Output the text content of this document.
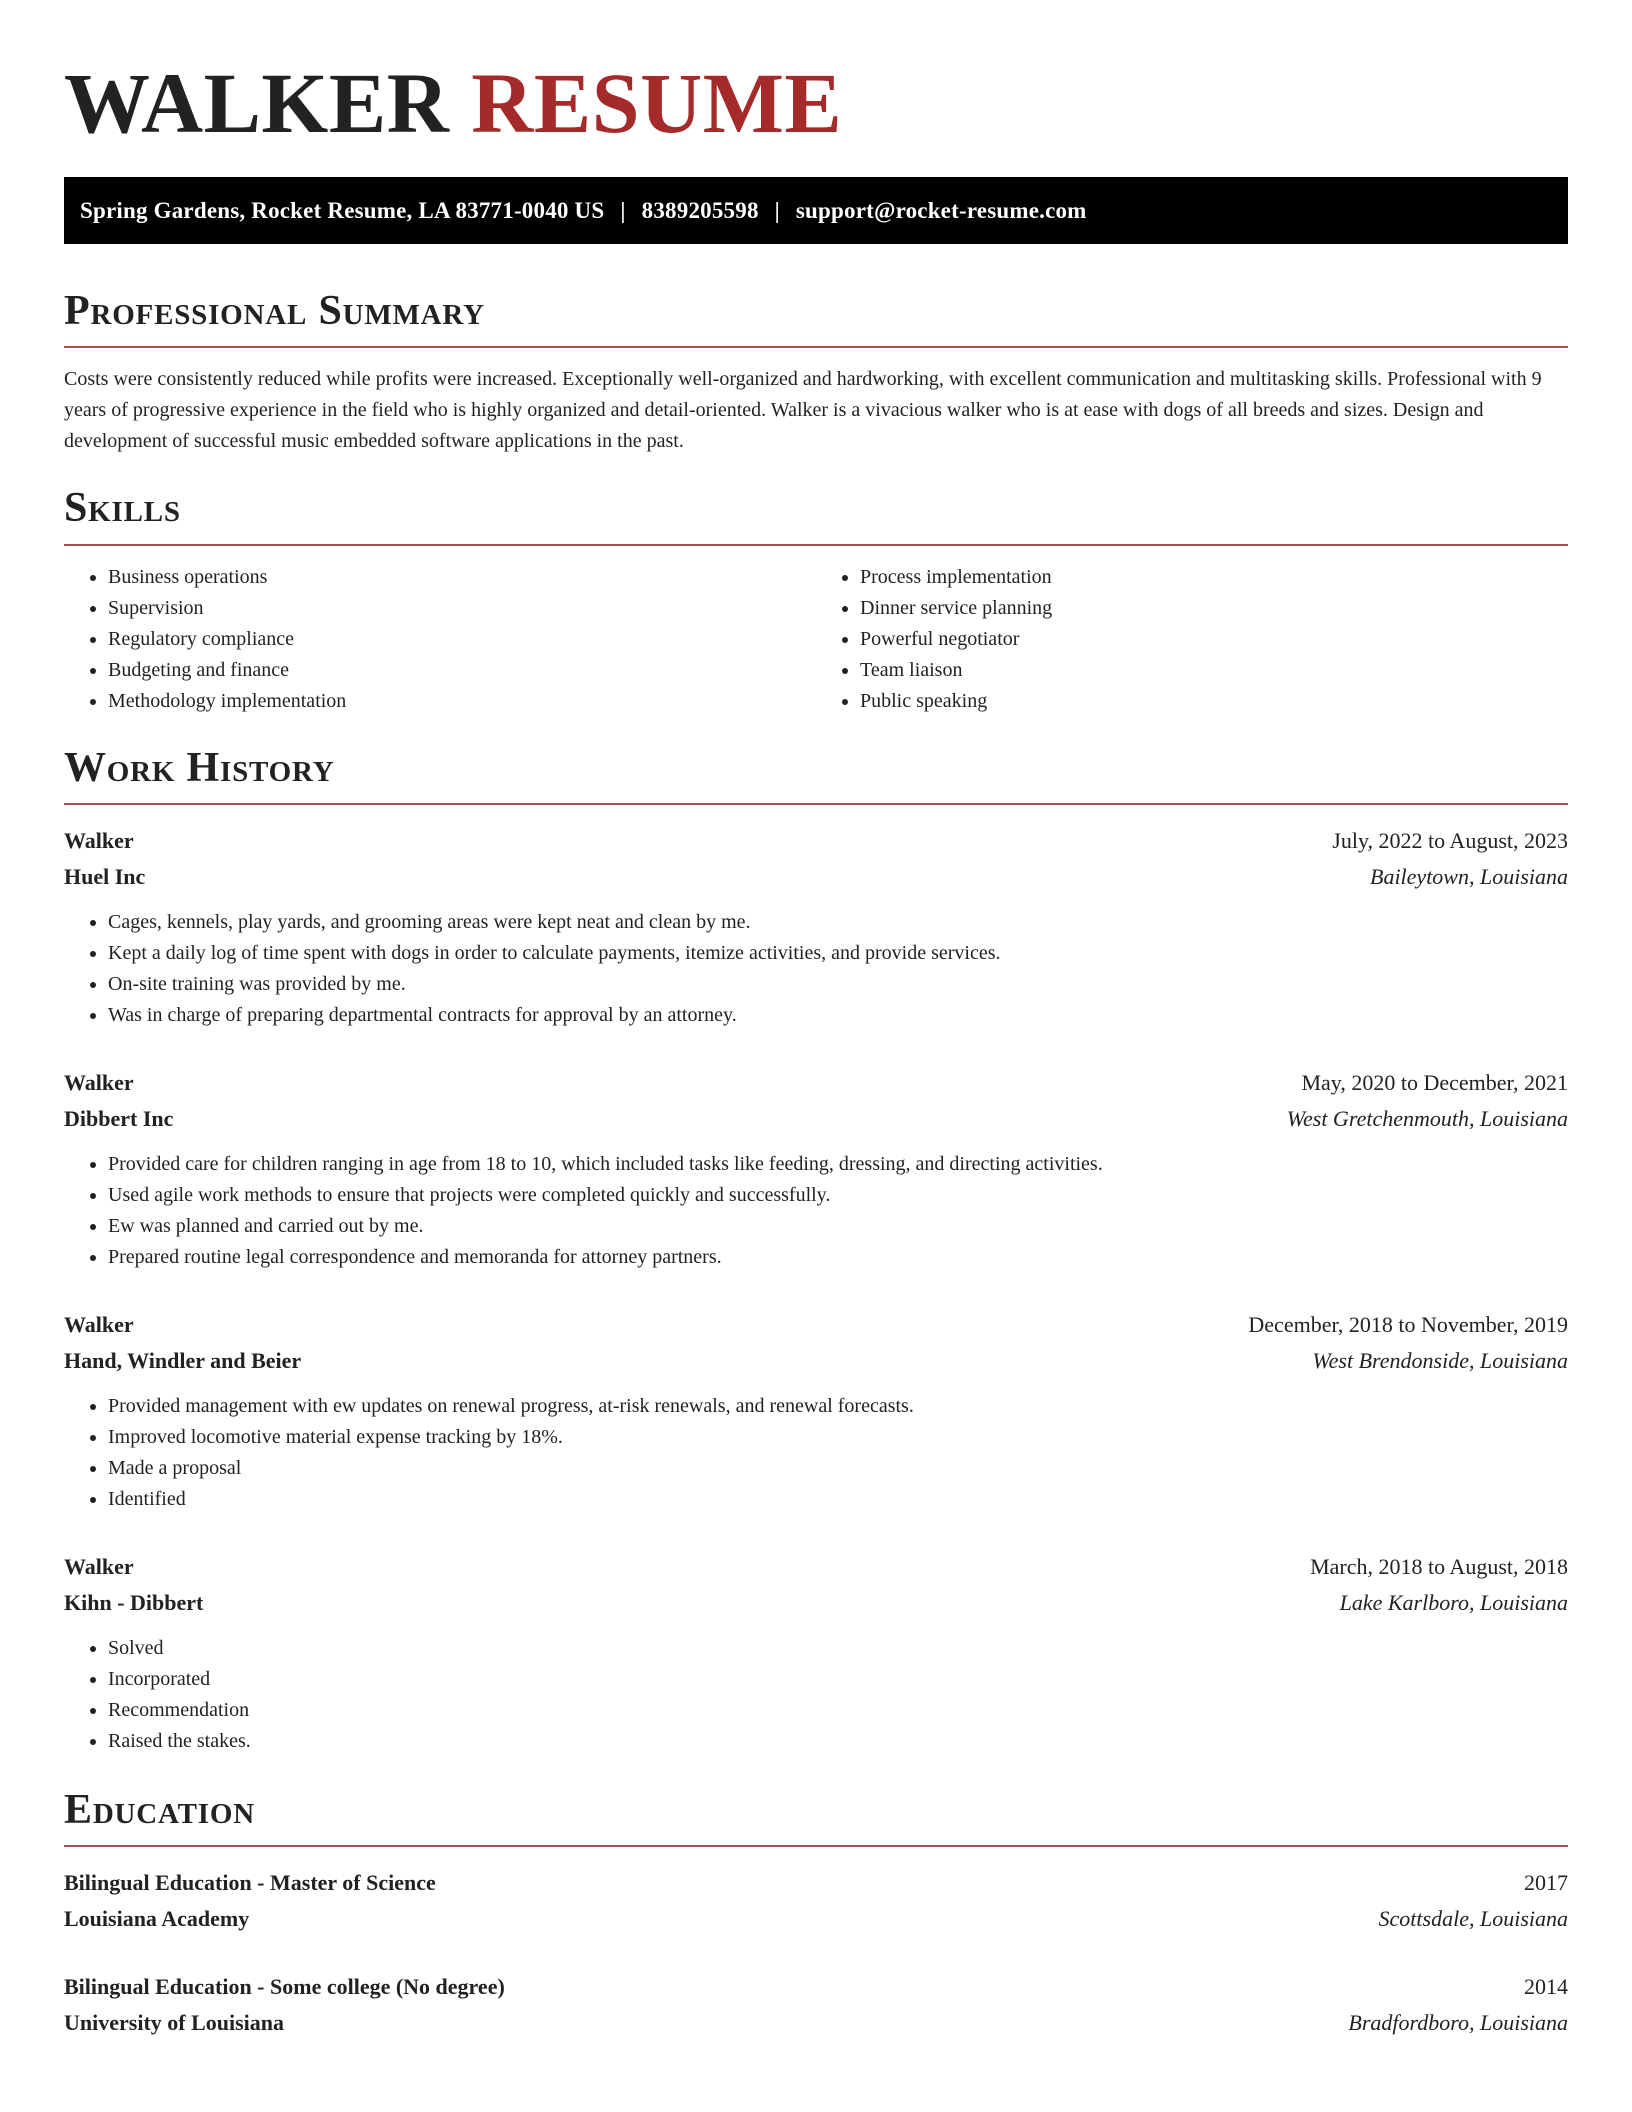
WALKER RESUME
Spring Gardens, Rocket Resume, LA 83771-0040 US | 8389205598 | support@rocket-resume.com
Professional Summary

Costs were consistently reduced while profits were increased. Exceptionally well-organized and hardworking, with excellent communication and multitasking skills. Professional with 9 years of progressive experience in the field who is highly organized and detail-oriented. Walker is a vivacious walker who is at ease with dogs of all breeds and sizes. Design and development of successful music embedded software applications in the past.

Skills
• Business operations
• Supervision
• Regulatory compliance
• Budgeting and finance
• Methodology implementation
• Process implementation
• Dinner service planning
• Powerful negotiator
• Team liaison
• Public speaking
Work History
Walker	July, 2022 to August, 2023
Huel Inc	Baileytown, Louisiana
• Cages, kennels, play yards, and grooming areas were kept neat and clean by me.
• Kept a daily log of time spent with dogs in order to calculate payments, itemize activities, and provide services.
• On-site training was provided by me.
• Was in charge of preparing departmental contracts for approval by an attorney.
Walker	May, 2020 to December, 2021
Dibbert Inc	West Gretchenmouth, Louisiana
• Provided care for children ranging in age from 18 to 10, which included tasks like feeding, dressing, and directing activities.
• Used agile work methods to ensure that projects were completed quickly and successfully.
• Ew was planned and carried out by me.
• Prepared routine legal correspondence and memoranda for attorney partners.
Walker	December, 2018 to November, 2019
Hand, Windler and Beier	West Brendonside, Louisiana
• Provided management with ew updates on renewal progress, at-risk renewals, and renewal forecasts.
• Improved locomotive material expense tracking by 18%.
• Made a proposal
• Identified
Walker	March, 2018 to August, 2018
Kihn - Dibbert	Lake Karlboro, Louisiana
• Solved
• Incorporated
• Recommendation
• Raised the stakes.
Education
Bilingual Education - Master of Science	2017
Louisiana Academy	Scottsdale, Louisiana
Bilingual Education - Some college (No degree)	2014
University of Louisiana	Bradfordboro, Louisiana
